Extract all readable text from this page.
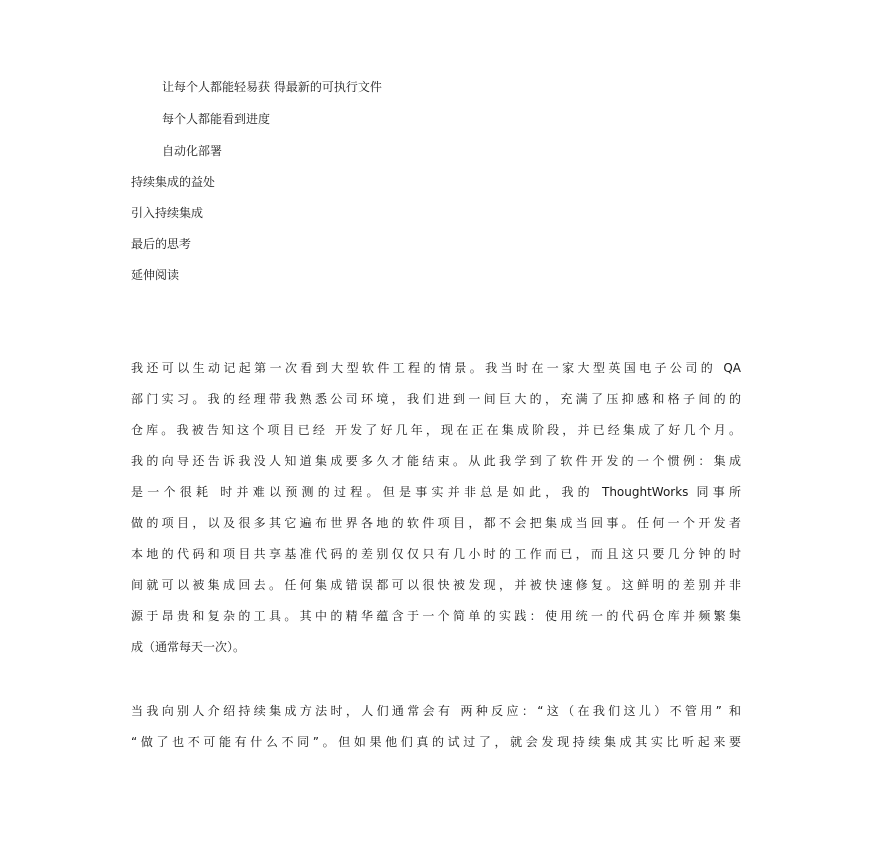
让每个人都能轻易获 得最新的可执行文件
每个人都能看到进度
自动化部署
持续集成的益处
引入持续集成
最后的思考
延伸阅读
我还可以生动记起第一次看到大型软件工程的情景。我当时在一家大型英国电子公司的 QA
部门实习。我的经理带我熟悉公司环境，我们进到一间巨大的，充满了压抑感和格子间的的
仓库。我被告知这个项目已经 开发了好几年，现在正在集成阶段，并已经集成了好几个月。
我的向导还告诉我没人知道集成要多久才能结束。从此我学到了软件开发的一个惯例：集成
是一个很耗 时并难以预测的过程。但是事实并非总是如此，我的 ThoughtWorks 同事所
做的项目，以及很多其它遍布世界各地的软件项目，都不会把集成当回事。任何一个开发者
本地的代码和项目共享基准代码的差别仅仅只有几小时的工作而已，而且这只要几分钟的时
间就可以被集成回去。任何集成错误都可以很快被发现，并被快速修复。这鲜明的差别并非
源于昂贵和复杂的工具。其中的精华蕴含于一个简单的实践：使用统一的代码仓库并频繁集
成（通常每天一次）。
当我向别人介绍持续集成方法时，人们通常会有 两种反应：“这（在我们这儿）不管用” 和
“做了也不可能有什么不同”。但如果他们真的试过了，就会发现持续集成其实比听起来要
